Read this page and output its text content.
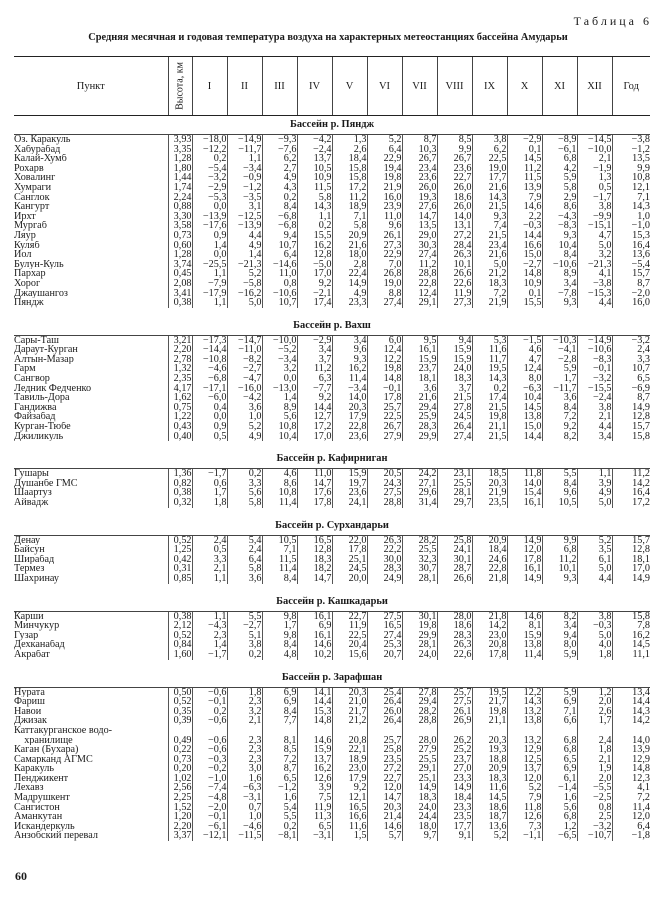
Таблица 6
Средняя месячная и годовая температура воздуха на характерных метеостанциях бассейна Амударьи
Пункт	Высота, км	I	II	III	IV	V	VI	VII	VIII	IX	X	XI	XII	Год
Бассейн р. Пяндж														
Оз. Каракуль	3,93	−18,0	−14,9	−9,3	−4,2	1,3	5,2	8,7	8,5	3,8	−2,9	−8,9	−14,5	−3,8
Хабурабад	3,35	−12,2	−11,7	−7,6	−2,4	2,6	6,4	10,3	9,9	6,2	0,1	−6,1	−10,0	−1,2
Калай-Хумб	1,28	0,2	1,1	6,2	13,7	18,4	22,9	26,7	26,7	22,5	14,5	6,8	2,1	13,5
Рохарв	1,80	−5,4	−3,4	2,7	10,5	15,8	19,4	23,4	23,6	19,0	11,2	4,2	−1,9	9,9
Ховалинг	1,44	−3,2	−0,9	4,9	10,9	15,8	19,8	23,6	22,7	17,7	11,5	5,9	1,3	10,8
Хумраги	1,74	−2,9	−1,2	4,3	11,5	17,2	21,9	26,0	26,0	21,6	13,9	5,8	0,5	12,1
Санглок	2,24	−5,3	−3,5	0,2	5,8	11,2	16,0	19,3	18,6	14,3	7,9	2,9	−1,7	7,1
Кангурт	0,88	0,0	3,1	8,4	14,3	18,9	23,9	27,6	26,0	21,5	14,6	8,6	3,8	14,3
Ирхт	3,30	−13,9	−12,5	−6,8	1,1	7,1	11,0	14,7	14,0	9,3	2,2	−4,3	−9,9	1,0
Мургаб	3,58	−17,6	−13,9	−6,8	0,2	5,8	9,6	13,5	13,1	7,4	−0,3	−8,3	−15,1	−1,0
Ляур	0,73	0,9	4,4	9,4	15,5	20,9	26,1	29,0	27,2	21,5	14,4	9,3	4,7	15,3
Куляб	0,60	1,4	4,9	10,7	16,2	21,6	27,3	30,3	28,4	23,4	16,6	10,4	5,0	16,4
Иол	1,28	0,0	1,4	6,4	12,8	18,0	22,9	27,4	26,3	21,6	15,0	8,4	3,2	13,6
Булун-Куль	3,74	−25,5	−21,3	−14,6	−5,0	2,8	7,0	11,2	10,1	5,0	−2,7	−10,6	−21,3	−5,4
Пархар	0,45	1,1	5,2	11,0	17,0	22,4	26,8	28,8	26,6	21,2	14,8	8,9	4,1	15,7
Хорог	2,08	−7,9	−5,8	0,8	9,2	14,9	19,0	22,8	22,6	18,3	10,9	3,4	−3,8	8,7
Джаушангоз	3,41	−17,9	−16,2	−10,6	−2,1	4,9	8,8	12,4	11,9	7,2	0,1	−7,8	−15,3	−2,0
Пяндж	0,38	1,1	5,0	10,7	17,4	23,3	27,4	29,1	27,3	21,9	15,5	9,3	4,4	16,0

Бассейн р. Вахш														
Сары-Таш	3,21	−17,3	−14,7	−10,0	−2,9	3,4	6,0	9,5	9,4	5,3	−1,5	−10,3	−14,9	−3,2
Дараут-Курган	2,20	−14,4	−11,0	−5,2	3,4	9,6	12,4	16,1	15,9	11,6	4,6	−4,1	−10,6	2,4
Алтын-Мазар	2,78	−10,8	−8,2	−3,4	3,7	9,3	12,2	15,9	15,9	11,7	4,7	−2,8	−8,3	3,3
Гарм	1,32	−4,6	−2,7	3,2	11,2	16,2	19,8	23,7	24,0	19,5	12,4	5,9	−0,1	10,7
Сангвор	2,35	−6,8	−4,7	0,0	6,3	11,4	14,8	18,1	18,3	14,3	8,0	1,7	−3,2	6,5
Ледник Федченко	4,17	−17,1	−16,0	−13,0	−7,7	−3,4	−0,1	3,6	3,7	0,2	−6,3	−11,7	−15,5	−6,9
Тавиль-Дора	1,62	−6,0	−4,2	1,4	9,2	14,0	17,8	21,6	21,5	17,4	10,4	3,6	−2,4	8,7
Гандижва	0,75	0,4	3,6	8,9	14,4	20,3	25,7	29,4	27,8	21,5	14,5	8,4	3,8	14,9
Файзабад	1,22	0,0	1,0	5,6	12,7	17,9	22,5	25,9	24,5	19,8	13,8	7,2	2,1	12,8
Курган-Тюбе	0,43	0,9	5,2	10,8	17,2	22,8	26,7	28,3	26,4	21,1	15,0	9,2	4,4	15,7
Джиликуль	0,40	0,5	4,9	10,4	17,0	23,6	27,9	29,9	27,4	21,5	14,4	8,2	3,4	15,8

Бассейн р. Кафирниган														
Гушары	1,36	−1,7	0,2	4,6	11,0	15,9	20,5	24,2	23,1	18,5	11,8	5,5	1,1	11,2
Душанбе ГМС	0,82	0,6	3,3	8,6	14,7	19,7	24,3	27,1	25,5	20,3	14,0	8,4	3,9	14,2
Шаартуз	0,38	1,7	5,6	10,8	17,6	23,6	27,5	29,6	28,1	21,9	15,4	9,6	4,9	16,4
Айвадж	0,32	1,8	5,8	11,4	17,8	24,1	28,8	31,4	29,7	23,5	16,1	10,5	5,0	17,2

Бассейн р. Сурхандарьи														
Денау	0,52	2,4	5,4	10,5	16,5	22,0	26,3	28,2	25,8	20,9	14,9	9,9	5,2	15,7
Байсун	1,25	0,5	2,4	7,1	12,8	17,8	22,2	25,5	24,1	18,4	12,0	6,8	3,5	12,8
Ширабад	0,42	3,3	6,4	11,5	18,3	25,1	30,0	32,3	30,1	24,6	17,8	11,2	6,1	18,1
Термез	0,31	2,1	5,8	11,4	18,2	24,5	28,3	30,7	28,7	22,8	16,1	10,1	5,0	17,0
Шахринау	0,85	1,1	3,6	8,4	14,7	20,0	24,9	28,1	26,6	21,8	14,9	9,3	4,4	14,9

Бассейн р. Кашкадарьи														
Карши	0,38	1,1	5,5	9,8	16,1	22,7	27,5	30,1	28,0	21,8	14,6	8,2	3,8	15,8
Минчукур	2,12	−4,3	−2,7	1,7	6,9	11,9	16,5	19,8	18,6	14,2	8,1	3,4	−0,3	7,8
Гузар	0,52	2,3	5,1	9,8	16,1	22,5	27,4	29,9	28,3	23,0	15,9	9,4	5,0	16,2
Дехканабад	0,84	1,4	3,8	8,4	14,6	20,4	25,3	28,1	26,3	20,8	13,8	8,0	4,0	14,5
Акрабат	1,60	−1,7	0,2	4,8	10,2	15,6	20,7	24,0	22,6	17,8	11,4	5,9	1,8	11,1

Бассейн р. Зарафшан														
Нурата	0,50	−0,6	1,8	6,9	14,1	20,3	25,4	27,8	25,7	19,5	12,2	5,9	1,2	13,4
Фариш	0,52	−0,1	2,3	6,9	14,4	21,0	26,4	29,4	27,5	21,7	14,3	6,9	2,0	14,4
Навои	0,35	0,2	3,2	8,4	15,3	21,7	26,0	28,2	26,1	19,8	13,2	7,1	2,6	14,3
Джизак	0,39	−0,6	2,1	7,7	14,8	21,2	26,4	28,8	26,9	21,1	13,8	6,6	1,7	14,2
Каттакурганское водо-														
хранилище	0,49	−0,6	2,3	8,1	14,6	20,8	25,7	28,0	26,2	20,3	13,2	6,8	2,4	14,0
Каган (Бухара)	0,22	−0,6	2,3	8,5	15,9	22,1	25,8	27,9	25,2	19,3	12,9	6,8	1,8	13,9
Самарканд АГМС	0,73	−0,3	2,3	7,2	13,7	18,9	23,5	25,5	23,7	18,8	12,5	6,5	2,1	12,9
Каракуль	0,20	−0,2	3,0	8,7	16,2	23,0	27,2	29,1	27,0	20,9	13,7	6,9	1,9	14,8
Пенджикент	1,02	−1,0	1,6	6,5	12,6	17,9	22,7	25,1	23,3	18,3	12,0	6,1	2,0	12,3
Лехавз	2,56	−7,4	−6,3	−1,2	3,9	9,2	12,0	14,9	14,9	11,6	5,2	−1,4	−5,5	4,1
Мадрушкент	2,25	−4,8	−3,1	1,6	7,5	12,1	14,7	18,3	18,4	14,5	7,9	1,6	−2,5	7,2
Сангистон	1,52	−2,0	0,7	5,4	11,9	16,5	20,3	24,0	23,3	18,6	11,8	5,6	0,8	11,4
Аманкутан	1,20	−0,1	1,0	5,5	11,3	16,6	21,4	24,4	23,5	18,7	12,6	6,8	2,5	12,0
Искандеркуль	2,20	−6,1	−4,6	0,2	6,5	11,6	14,6	18,0	17,7	13,6	7,3	1,2	−3,2	6,4
Анзобский перевал	3,37	−12,1	−11,5	−8,1	−3,1	1,5	5,7	9,7	9,1	5,2	−1,1	−6,5	−10,7	−1,8
60
